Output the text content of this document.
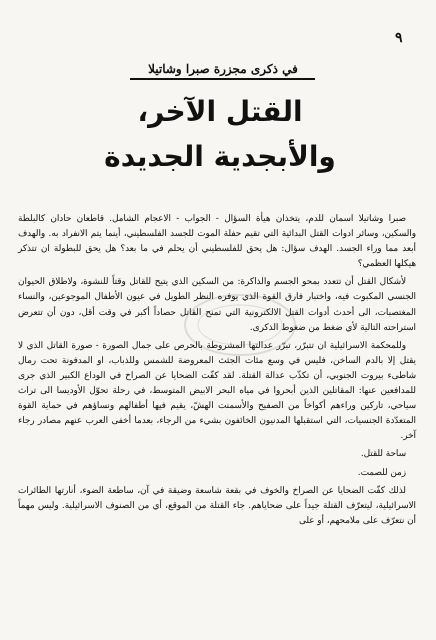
٩
في ذكرى مجزرة صبرا وشاتيلا
القتل الآخر،
والأبجدية الجديدة

صبرا وشاتيلا اسمان للدم، يتخذان هيأة السؤال - الجواب - الاعجام الشامل. قاطعان حادان كالبلطة والسكين، وسائر ادوات القتل البدائية التي تقيم حفلة الموت للجسد الفلسطيني، أينما يتم الانفراد به. والهدف أبعد مما وراء الجسد. الهدف سؤال: هل يحق للفلسطيني أن يحلم في ما بعد؟ هل يحق للبطولة ان تتذكر هيكلها العظمي؟

لأشكال القتل أن تتعدد بمحو الجسم والذاكرة: من السكين الذي يتيح للقاتل وقتاً للنشوة، ولاطلاق الحيوان الجنسي المكبوت فيه، واختبار فارق القوة الذي يوفره النظر الطويل في عيون الأطفال الموجوعين، والنساء المغتصبات، الى أحدث أدوات القتل الالكترونية التي تمنح القاتل حصاداً أكبر في وقت أقل، دون أن تتعرض استراحته التالية لأي ضغط من ضغوط الذكرى.

وللمحكمة الاسرائيلية ان تتبرّر، تبرّر عدالتها المشروطة بالحرص على جمال الصورة - صورة القاتل الذي لا يقتل إلا بالدم الساخن، فليس في وسع مئات الجثث المعروضة للشمس وللذباب، او المدفونة تحت رمال شاطىء بيروت الجنوبي، أن تكذّب عدالة القتلة. لقد كفّت الضحايا عن الصراخ في الوداع الكبير الذي جرى للمدافعين عنها: المقاتلين الذين أبحروا في مياه البحر الابيض المتوسط، في رحلة تحوّل الأوديسا الى تراث سياحي، تاركين وراءهم أكواخاً من الصفيح والأسمنت الهشّ، يقيم فيها أطفالهم ونساؤهم في حماية القوة المتعدّدة الجنسيات، التي استقبلها المدنيون الخائفون بشيء من الرجاء، بعدما أخفى العرب عنهم مصادر رجاء آخر.

ساحة للقتل.

زمن للصمت.

لذلك كفّت الضحايا عن الصراخ والخوف في بقعة شاسعة وضيقة في آن، ساطعة الضوء، أنارتها الطائرات الاسرائيلية، ليتعرّف القتلة جيداً على ضحاياهم. جاء القتلة من الموقع، أي من الصنوف الاسرائيلية. وليس مهماً أن نتعرّف على ملامحهم، أو على
